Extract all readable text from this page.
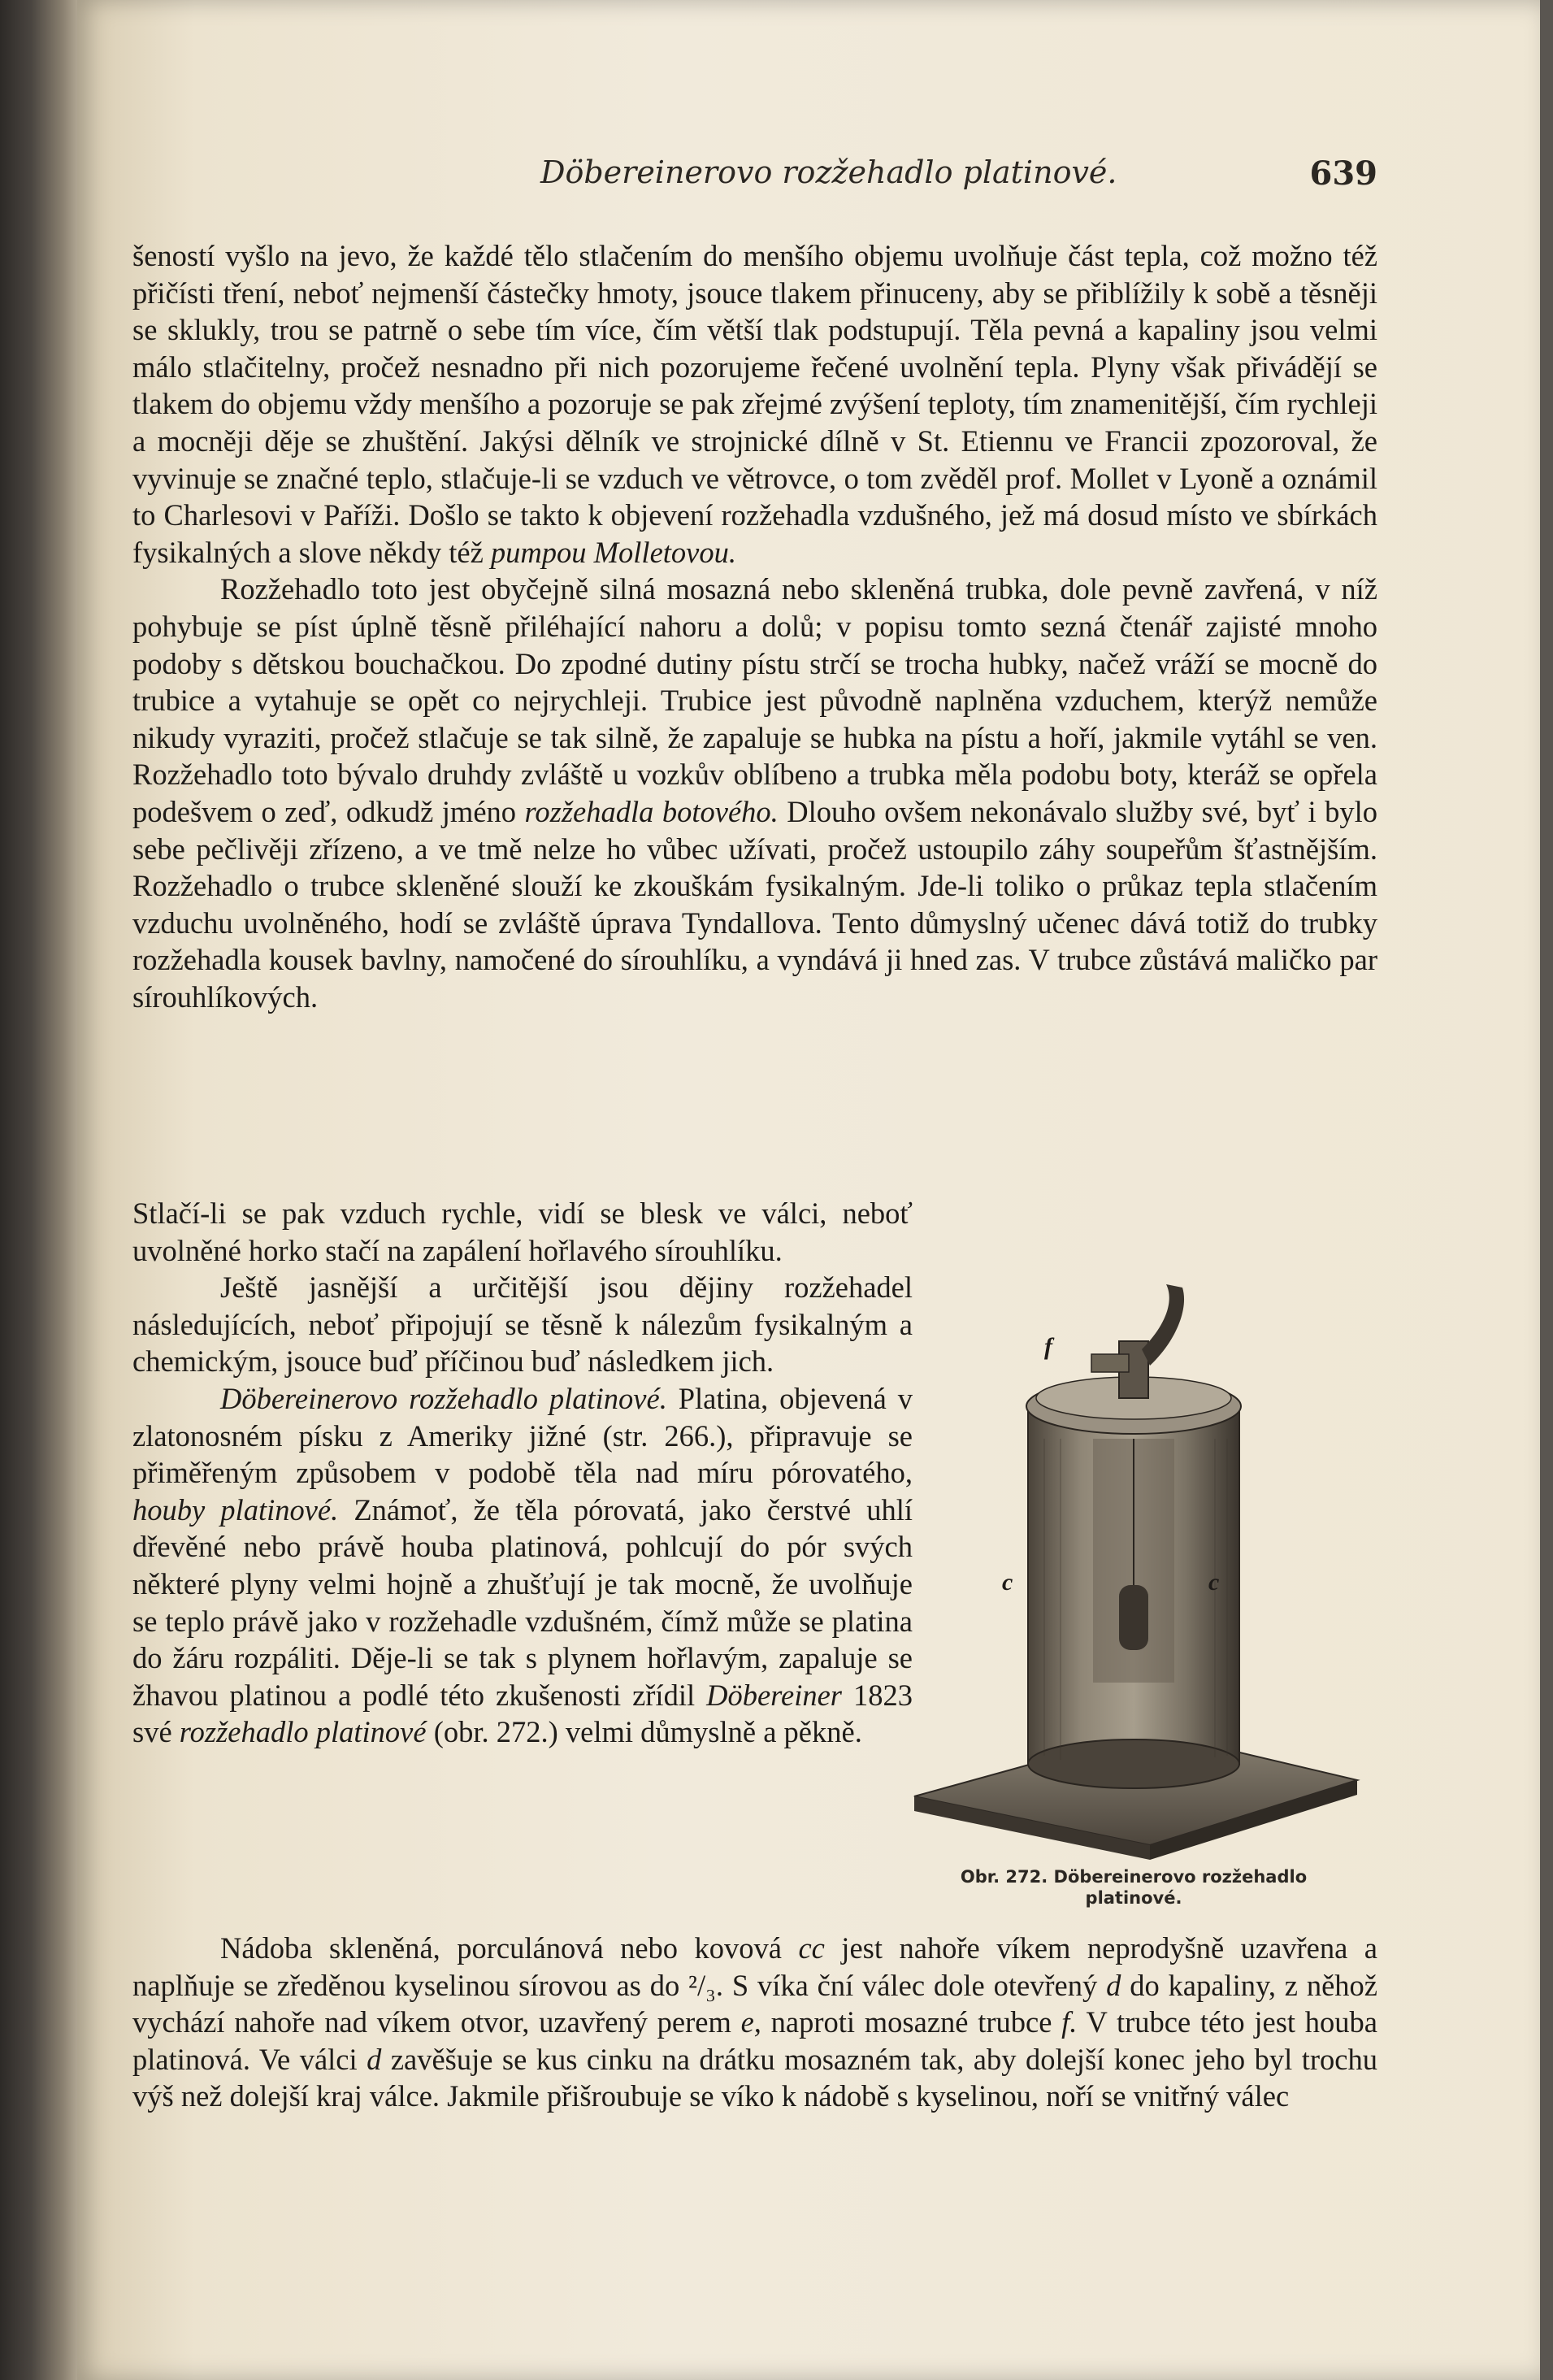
Döbereinerovo rozžehadlo platinové.	639

šeností vyšlo na jevo, že každé tělo stlačením do menšího objemu uvolňuje část tepla, což možno též přičísti tření, neboť nejmenší částečky hmoty, jsouce tlakem přinuceny, aby se přiblížily k sobě a těsněji se sklukly, trou se patrně o sebe tím více, čím větší tlak podstupují. Těla pevná a kapaliny jsou velmi málo stlačitelny, pročež nesnadno při nich pozorujeme řečené uvolnění tepla. Plyny však přivádějí se tlakem do objemu vždy menšího a pozoruje se pak zřejmé zvýšení teploty, tím znamenitější, čím rychleji a mocněji děje se zhuštění. Jakýsi dělník ve strojnické dílně v St. Etiennu ve Francii zpozoroval, že vyvinuje se značné teplo, stlačuje-li se vzduch ve větrovce, o tom zvěděl prof. Mollet v Lyoně a oznámil to Charlesovi v Paříži. Došlo se takto k objevení rozžehadla vzdušného, jež má dosud místo ve sbírkách fysikalných a slove někdy též pumpou Molletovou.

Rozžehadlo toto jest obyčejně silná mosazná nebo skleněná trubka, dole pevně zavřená, v níž pohybuje se píst úplně těsně přiléhající nahoru a dolů; v popisu tomto sezná čtenář zajisté mnoho podoby s dětskou bouchačkou. Do zpodné dutiny pístu strčí se trocha hubky, načež vráží se mocně do trubice a vytahuje se opět co nejrychleji. Trubice jest původně naplněna vzduchem, kterýž nemůže nikudy vyraziti, pročež stlačuje se tak silně, že zapaluje se hubka na pístu a hoří, jakmile vytáhl se ven. Rozžehadlo toto bývalo druhdy zvláště u vozkův oblíbeno a trubka měla podobu boty, kteráž se opřela podešvem o zeď, odkudž jméno rozžehadla botového. Dlouho ovšem nekonávalo služby své, byť i bylo sebe pečlivěji zřízeno, a ve tmě nelze ho vůbec užívati, pročež ustoupilo záhy soupeřům šťastnějším. Rozžehadlo o trubce skleněné slouží ke zkouškám fysikalným. Jde-li toliko o průkaz tepla stlačením vzduchu uvolněného, hodí se zvláště úprava Tyndallova. Tento důmyslný učenec dává totiž do trubky rozžehadla kousek bavlny, namočené do sírouhlíku, a vyndává ji hned zas. V trubce zůstává maličko par sírouhlíkových.

Stlačí-li se pak vzduch rychle, vidí se blesk ve válci, neboť uvolněné horko stačí na zapálení hořlavého sírouhlíku.

Ještě jasnější a určitější jsou dějiny rozžehadel následujících, neboť připojují se těsně k nálezům fysikalným a chemickým, jsouce buď příčinou buď následkem jich.

Döbereinerovo rozžehadlo platinové. Platina, objevená v zlatonosném písku z Ameriky jižné (str. 266.), připravuje se přiměřeným způsobem v podobě těla nad míru pórovatého, houby platinové. Známoť, že těla pórovatá, jako čerstvé uhlí dřevěné nebo právě houba platinová, pohlcují do pór svých některé plyny velmi hojně a zhušťují je tak mocně, že uvolňuje se teplo právě jako v rozžehadle vzdušném, čímž může se platina do žáru rozpáliti. Děje-li se tak s plynem hořlavým, zapaluje se žhavou platinou a podlé této zkušenosti zřídil Döbereiner 1823 své rozžehadlo platinové (obr. 272.) velmi důmyslně a pěkně.

Nádoba skleněná, porculánová nebo kovová cc jest nahoře víkem neprodyšně uzavřena a naplňuje se zředěnou kyselinou sírovou as do ²/₃. S víka ční válec dole otevřený d do kapaliny, z něhož vychází nahoře nad víkem otvor, uzavřený perem e, naproti mosazné trubce f. V trubce této jest houba platinová. Ve válci d zavěšuje se kus cinku na drátku mosazném tak, aby dolejší konec jeho byl trochu výš než dolejší kraj válce. Jakmile přišroubuje se víko k nádobě s kyselinou, noří se vnitřný válec

f
c	c
Obr. 272. Döbereinerovo rozžehadlo
platinové.
